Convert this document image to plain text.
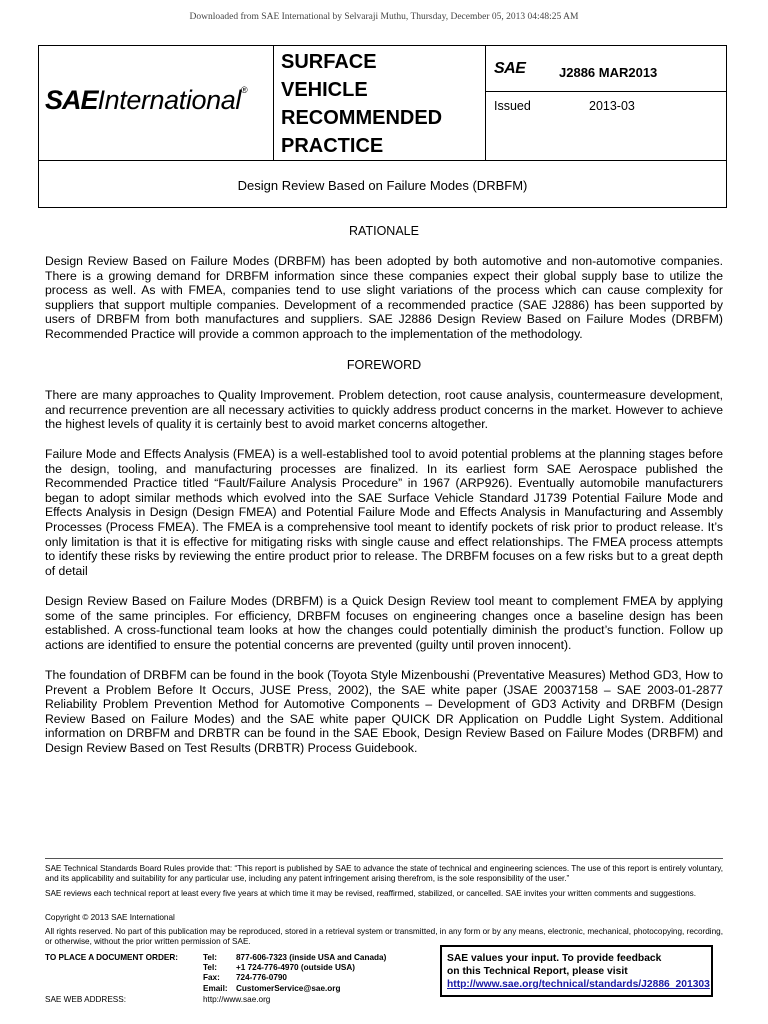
Downloaded from SAE International by Selvaraji Muthu, Thursday, December 05, 2013 04:48:25 AM
SAEInternational®
SURFACE
VEHICLE
RECOMMENDED
PRACTICE
SAE	J2886 MAR2013
Issued	2013-03
Design Review Based on Failure Modes (DRBFM)
RATIONALE

Design Review Based on Failure Modes (DRBFM) has been adopted by both automotive and non-automotive companies. There is a growing demand for DRBFM information since these companies expect their global supply base to utilize the process as well. As with FMEA, companies tend to use slight variations of the process which can cause complexity for suppliers that support multiple companies. Development of a recommended practice (SAE J2886) has been supported by users of DRBFM from both manufactures and suppliers. SAE J2886 Design Review Based on Failure Modes (DRBFM) Recommended Practice will provide a common approach to the implementation of the methodology.

FOREWORD

There are many approaches to Quality Improvement. Problem detection, root cause analysis, countermeasure development, and recurrence prevention are all necessary activities to quickly address product concerns in the market. However to achieve the highest levels of quality it is certainly best to avoid market concerns altogether.

Failure Mode and Effects Analysis (FMEA) is a well-established tool to avoid potential problems at the planning stages before the design, tooling, and manufacturing processes are finalized. In its earliest form SAE Aerospace published the Recommended Practice titled “Fault/Failure Analysis Procedure” in 1967 (ARP926). Eventually automobile manufacturers began to adopt similar methods which evolved into the SAE Surface Vehicle Standard J1739 Potential Failure Mode and Effects Analysis in Design (Design FMEA) and Potential Failure Mode and Effects Analysis in Manufacturing and Assembly Processes (Process FMEA). The FMEA is a comprehensive tool meant to identify pockets of risk prior to product release. It’s only limitation is that it is effective for mitigating risks with single cause and effect relationships. The FMEA process attempts to identify these risks by reviewing the entire product prior to release. The DRBFM focuses on a few risks but to a great depth of detail

Design Review Based on Failure Modes (DRBFM) is a Quick Design Review tool meant to complement FMEA by applying some of the same principles. For efficiency, DRBFM focuses on engineering changes once a baseline design has been established. A cross-functional team looks at how the changes could potentially diminish the product’s function. Follow up actions are identified to ensure the potential concerns are prevented (guilty until proven innocent).

The foundation of DRBFM can be found in the book (Toyota Style Mizenboushi (Preventative Measures) Method GD3, How to Prevent a Problem Before It Occurs, JUSE Press, 2002), the SAE white paper (JSAE 20037158 – SAE 2003-01-2877 Reliability Problem Prevention Method for Automotive Components – Development of GD3 Activity and DRBFM (Design Review Based on Failure Modes) and the SAE white paper QUICK DR Application on Puddle Light System. Additional information on DRBFM and DRBTR can be found in the SAE Ebook, Design Review Based on Failure Modes (DRBFM) and Design Review Based on Test Results (DRBTR) Process Guidebook.

SAE Technical Standards Board Rules provide that: “This report is published by SAE to advance the state of technical and engineering sciences. The use of this report is entirely voluntary, and its applicability and suitability for any particular use, including any patent infringement arising therefrom, is the sole responsibility of the user.”

SAE reviews each technical report at least every five years at which time it may be revised, reaffirmed, stabilized, or cancelled. SAE invites your written comments and suggestions.

Copyright © 2013 SAE International

All rights reserved. No part of this publication may be reproduced, stored in a retrieval system or transmitted, in any form or by any means, electronic, mechanical, photocopying, recording, or otherwise, without the prior written permission of SAE.

TO PLACE A DOCUMENT ORDER:	Tel: 877-606-7323 (inside USA and Canada)
Tel: +1 724-776-4970 (outside USA)
Fax: 724-776-0790
Email: CustomerService@sae.org
SAE WEB ADDRESS:	http://www.sae.org
SAE values your input. To provide feedback
on this Technical Report, please visit
http://www.sae.org/technical/standards/J2886_201303
